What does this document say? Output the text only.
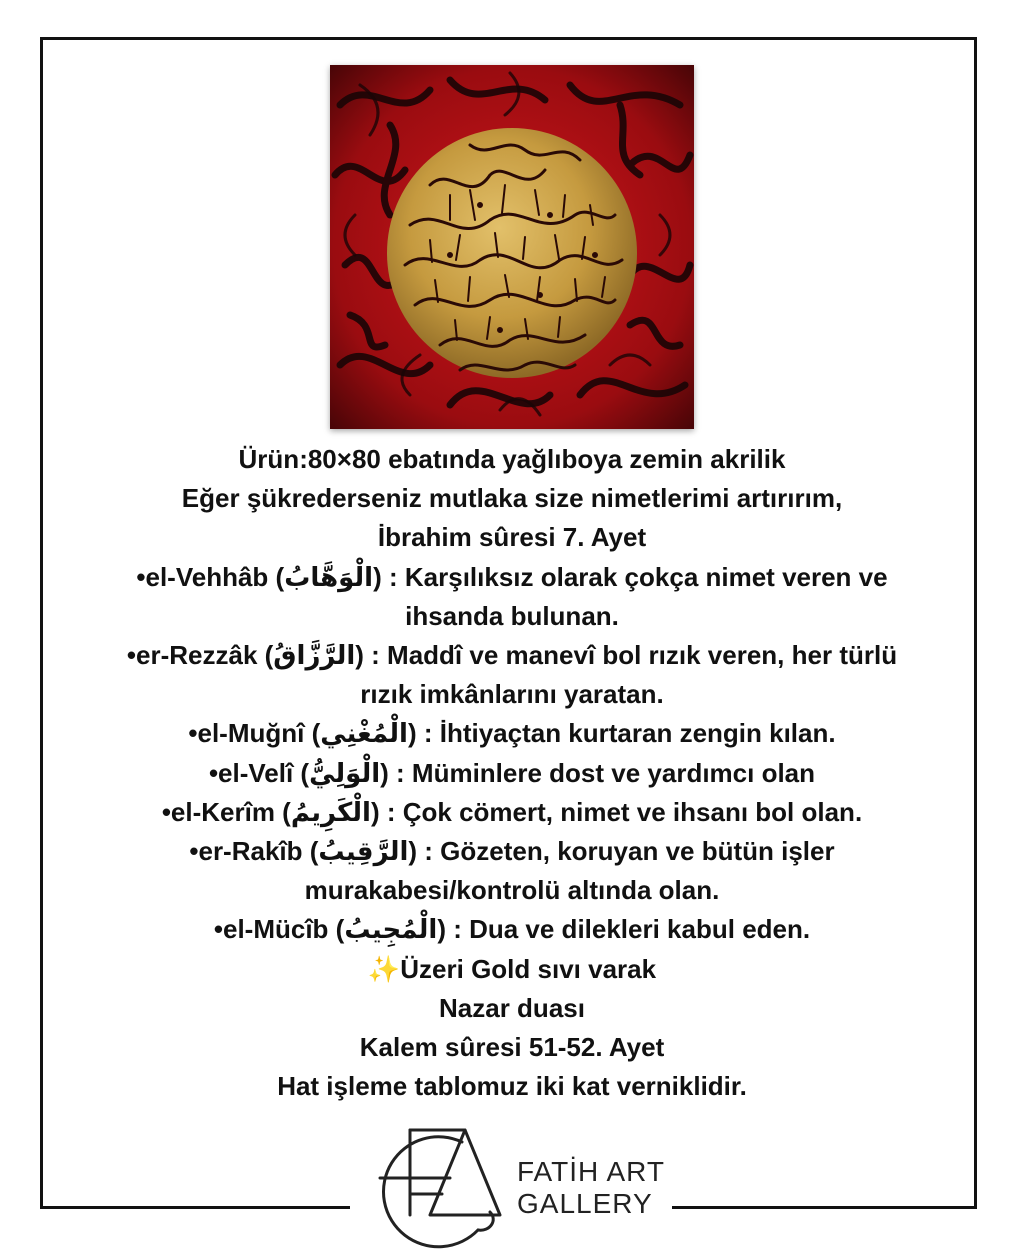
Ürün:80×80 ebatında yağlıboya zemin akrilik
Eğer şükrederseniz mutlaka size nimetlerimi artırırım,
İbrahim sûresi 7. Ayet
•el-Vehhâb (الْوَهَّابُ) : Karşılıksız olarak çokça nimet veren ve
ihsanda bulunan.
•er-Rezzâk (الرَّزَّاقُ) : Maddî ve manevî bol rızık veren, her türlü
rızık imkânlarını yaratan.
•el-Muğnî (الْمُغْنِي) : İhtiyaçtan kurtaran zengin kılan.
•el-Velî (الْوَلِيُّ) : Müminlere dost ve yardımcı olan
•el-Kerîm (الْكَرِيمُ) : Çok cömert, nimet ve ihsanı bol olan.
•er-Rakîb (الرَّقِيبُ) : Gözeten, koruyan ve bütün işler
murakabesi/kontrolü altında olan.
•el-Mücîb (الْمُجِيبُ) : Dua ve dilekleri kabul eden.
✨Üzeri Gold sıvı varak
Nazar duası
Kalem sûresi 51-52. Ayet
Hat işleme tablomuz iki kat verniklidir.
FATİH ART
GALLERY
